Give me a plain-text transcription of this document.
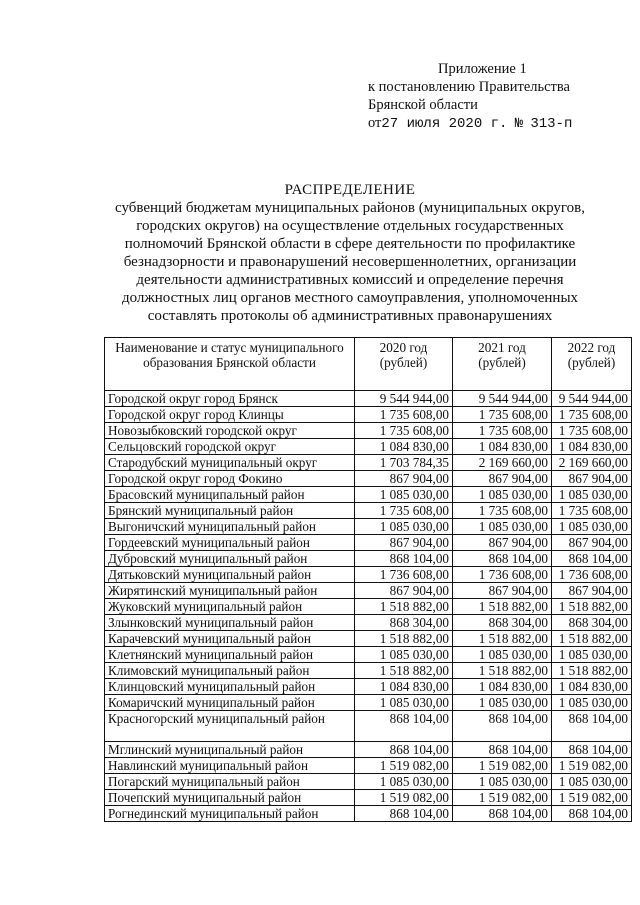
Приложение 1
к постановлению Правительства
Брянской области
от27 июля 2020 г. № 313-п
РАСПРЕДЕЛЕНИЕ
субвенций бюджетам муниципальных районов (муниципальных округов, городских округов) на осуществление отдельных государственных полномочий Брянской области в сфере деятельности по профилактике безнадзорности и правонарушений несовершеннолетних, организации деятельности административных комиссий и определение перечня должностных лиц органов местного самоуправления, уполномоченных составлять протоколы об административных правонарушениях
Наименование и статус муниципального образования Брянской области	2020 год (рублей)	2021 год (рублей)	2022 год (рублей)
Городской округ город Брянск	9 544 944,00	9 544 944,00	9 544 944,00
Городской округ город Клинцы	1 735 608,00	1 735 608,00	1 735 608,00
Новозыбковский городской округ	1 735 608,00	1 735 608,00	1 735 608,00
Сельцовский городской округ	1 084 830,00	1 084 830,00	1 084 830,00
Стародубский муниципальный округ	1 703 784,35	2 169 660,00	2 169 660,00
Городской округ город Фокино	867 904,00	867 904,00	867 904,00
Брасовский муниципальный район	1 085 030,00	1 085 030,00	1 085 030,00
Брянский муниципальный район	1 735 608,00	1 735 608,00	1 735 608,00
Выгоничский муниципальный район	1 085 030,00	1 085 030,00	1 085 030,00
Гордеевский муниципальный район	867 904,00	867 904,00	867 904,00
Дубровский муниципальный район	868 104,00	868 104,00	868 104,00
Дятьковский муниципальный район	1 736 608,00	1 736 608,00	1 736 608,00
Жирятинский муниципальный район	867 904,00	867 904,00	867 904,00
Жуковский муниципальный район	1 518 882,00	1 518 882,00	1 518 882,00
Злынковский муниципальный район	868 304,00	868 304,00	868 304,00
Карачевский муниципальный район	1 518 882,00	1 518 882,00	1 518 882,00
Клетнянский муниципальный район	1 085 030,00	1 085 030,00	1 085 030,00
Климовский муниципальный район	1 518 882,00	1 518 882,00	1 518 882,00
Клинцовский муниципальный район	1 084 830,00	1 084 830,00	1 084 830,00
Комаричский муниципальный район	1 085 030,00	1 085 030,00	1 085 030,00
Красногорский муниципальный район	868 104,00	868 104,00	868 104,00
Мглинский муниципальный район	868 104,00	868 104,00	868 104,00
Навлинский муниципальный район	1 519 082,00	1 519 082,00	1 519 082,00
Погарский муниципальный район	1 085 030,00	1 085 030,00	1 085 030,00
Почепский муниципальный район	1 519 082,00	1 519 082,00	1 519 082,00
Рогнединский муниципальный район	868 104,00	868 104,00	868 104,00
